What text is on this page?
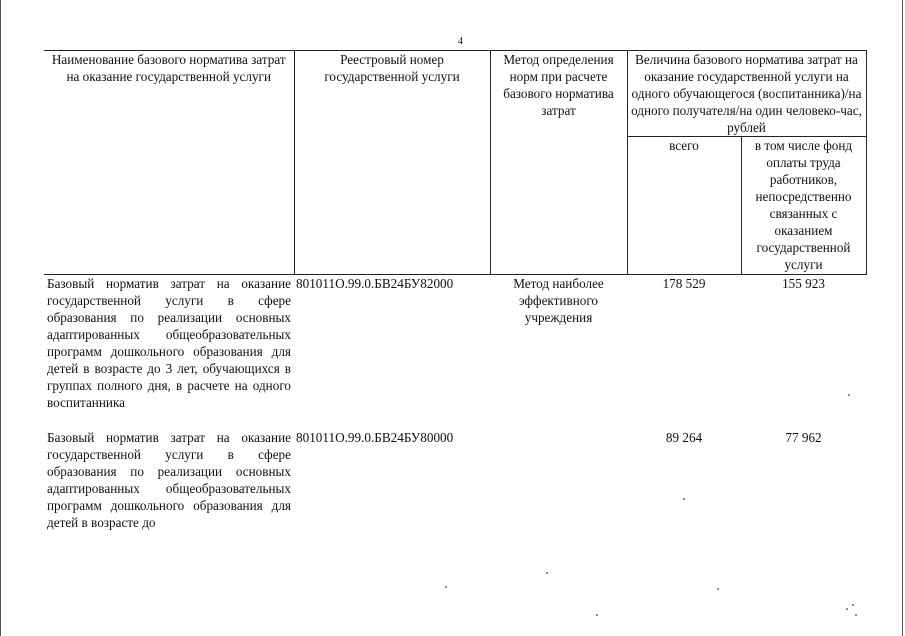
4
Наименование базового норматива затрат на оказание государственной услуги	Реестровый номер государственной услуги	Метод определения норм при расчете базового норматива затрат	Величина базового норматива затрат на оказание государственной услуги на одного обучающегося (воспитанника)/на одного получателя/на один человеко-час, рублей	
			всего	в том числе фонд оплаты труда работников, непосредственно связанных с оказанием государственной услуги
Базовый норматив затрат на оказание государственной услуги в сфере образования по реализации основных адаптированных общеобразовательных программ дошкольного образования для детей в возрасте до 3 лет, обучающихся в группах полного дня, в расчете на одного воспитанника	801011О.99.0.БВ24БУ82000	Метод наиболее эффективного учреждения	178 529	155 923

Базовый норматив затрат на оказание государственной услуги в сфере образования по реализации основных адаптированных общеобразовательных программ дошкольного образования для детей в возрасте до	801011О.99.0.БВ24БУ80000		89 264	77 962
